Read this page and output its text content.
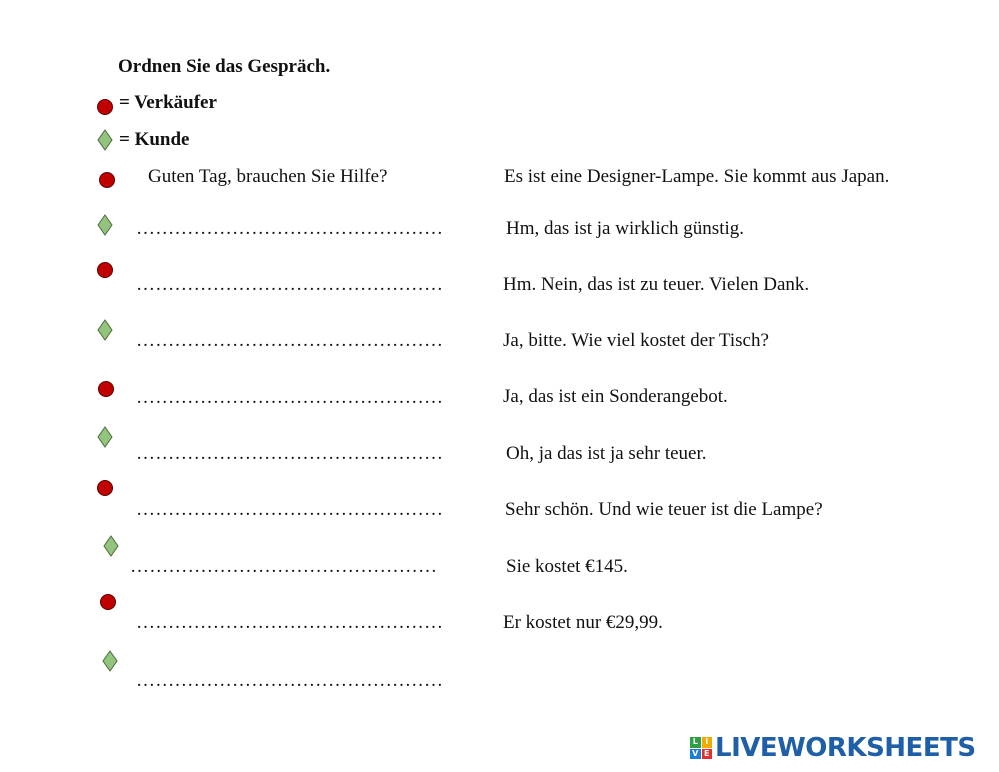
Ordnen Sie das Gespräch.
= Verkäufer
= Kunde
Guten Tag, brauchen Sie Hilfe?
…………………………………………
…………………………………………
…………………………………………
…………………………………………
…………………………………………
…………………………………………
…………………………………………
…………………………………………
…………………………………………
Es ist eine Designer-Lampe. Sie kommt aus Japan.
Hm, das ist ja wirklich günstig.
Hm. Nein, das ist zu teuer. Vielen Dank.
Ja, bitte. Wie viel kostet der Tisch?
Ja, das ist ein Sonderangebot.
Oh, ja das ist ja sehr teuer.
Sehr schön. Und wie teuer ist die Lampe?
Sie kostet €145.
Er kostet nur €29,99.
L I
V E LIVEWORKSHEETS
